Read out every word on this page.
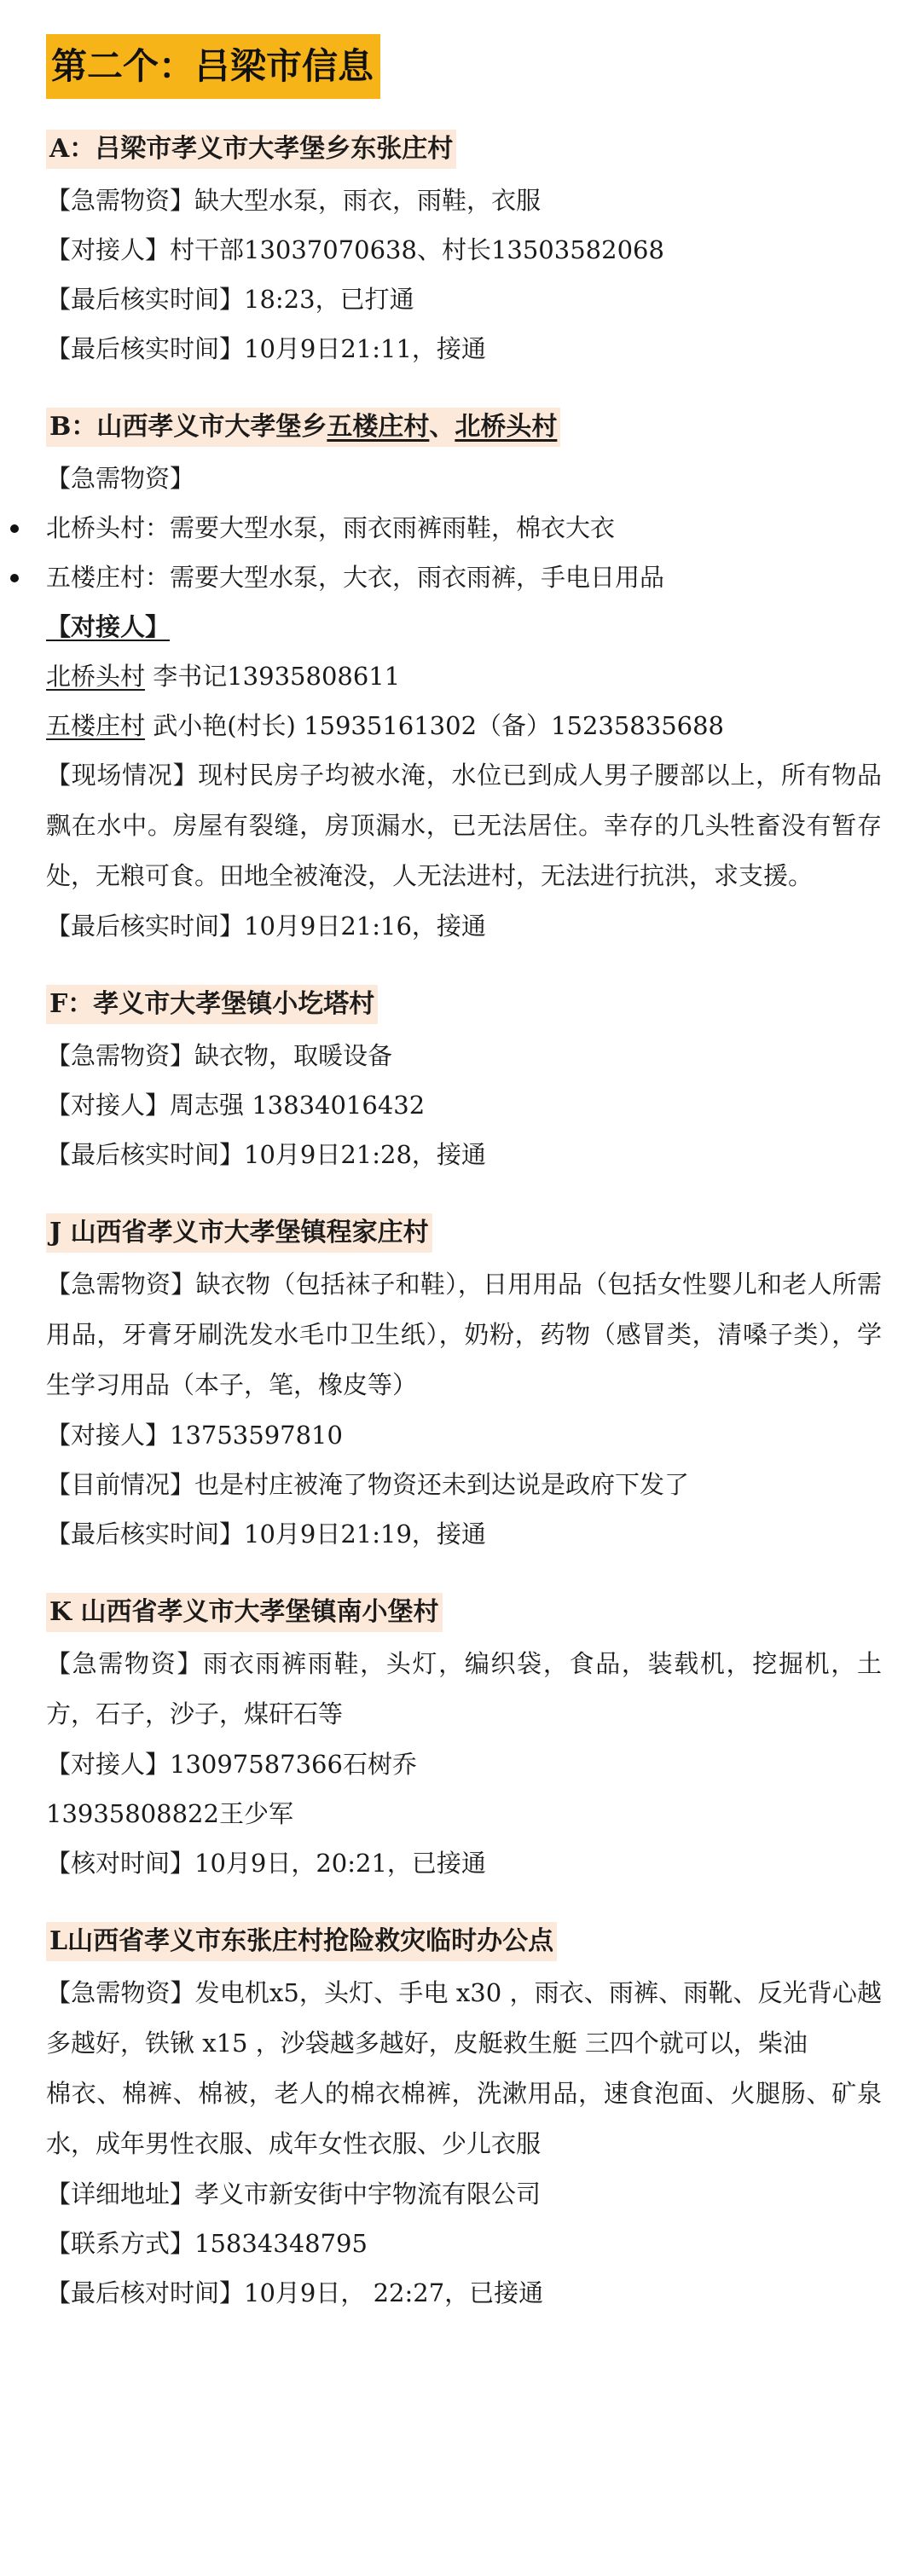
第二个：吕梁市信息
A：吕梁市孝义市大孝堡乡东张庄村

【急需物资】缺大型水泵，雨衣，雨鞋，衣服

【对接人】村干部13037070638、村长13503582068

【最后核实时间】18:23，已打通

【最后核实时间】10月9日21:11，接通

B：山西孝义市大孝堡乡五楼庄村、北桥头村

【急需物资】

北桥头村：需要大型水泵，雨衣雨裤雨鞋，棉衣大衣
五楼庄村：需要大型水泵，大衣，雨衣雨裤，手电日用品

【对接人】

北桥头村 李书记13935808611

五楼庄村 武小艳(村长) 15935161302（备）15235835688

【现场情况】现村民房子均被水淹，水位已到成人男子腰部以上，所有物品飘在水中。房屋有裂缝，房顶漏水，已无法居住。幸存的几头牲畜没有暂存处，无粮可食。田地全被淹没，人无法进村，无法进行抗洪，求支援。

【最后核实时间】10月9日21:16，接通

F：孝义市大孝堡镇小圪塔村

【急需物资】缺衣物，取暖设备

【对接人】周志强 13834016432

【最后核实时间】10月9日21:28，接通

J 山西省孝义市大孝堡镇程家庄村

【急需物资】缺衣物（包括袜子和鞋），日用用品（包括女性婴儿和老人所需用品，牙膏牙刷洗发水毛巾卫生纸），奶粉，药物（感冒类，清嗓子类），学生学习用品（本子，笔，橡皮等）

【对接人】13753597810

【目前情况】也是村庄被淹了物资还未到达说是政府下发了

【最后核实时间】10月9日21:19，接通

K 山西省孝义市大孝堡镇南小堡村

【急需物资】雨衣雨裤雨鞋，头灯，编织袋，食品，装载机，挖掘机，土方，石子，沙子，煤矸石等

【对接人】13097587366石树乔

13935808822王少军

【核对时间】10月9日，20:21，已接通

L山西省孝义市东张庄村抢险救灾临时办公点

【急需物资】发电机x5，头灯、手电 x30 ，雨衣、雨裤、雨靴、反光背心越多越好，铁锹 x15 ，沙袋越多越好，皮艇救生艇 三四个就可以，柴油

棉衣、棉裤、棉被，老人的棉衣棉裤，洗漱用品，速食泡面、火腿肠、矿泉水，成年男性衣服、成年女性衣服、少儿衣服

【详细地址】孝义市新安街中宇物流有限公司

【联系方式】15834348795

【最后核对时间】10月9日， 22:27，已接通
